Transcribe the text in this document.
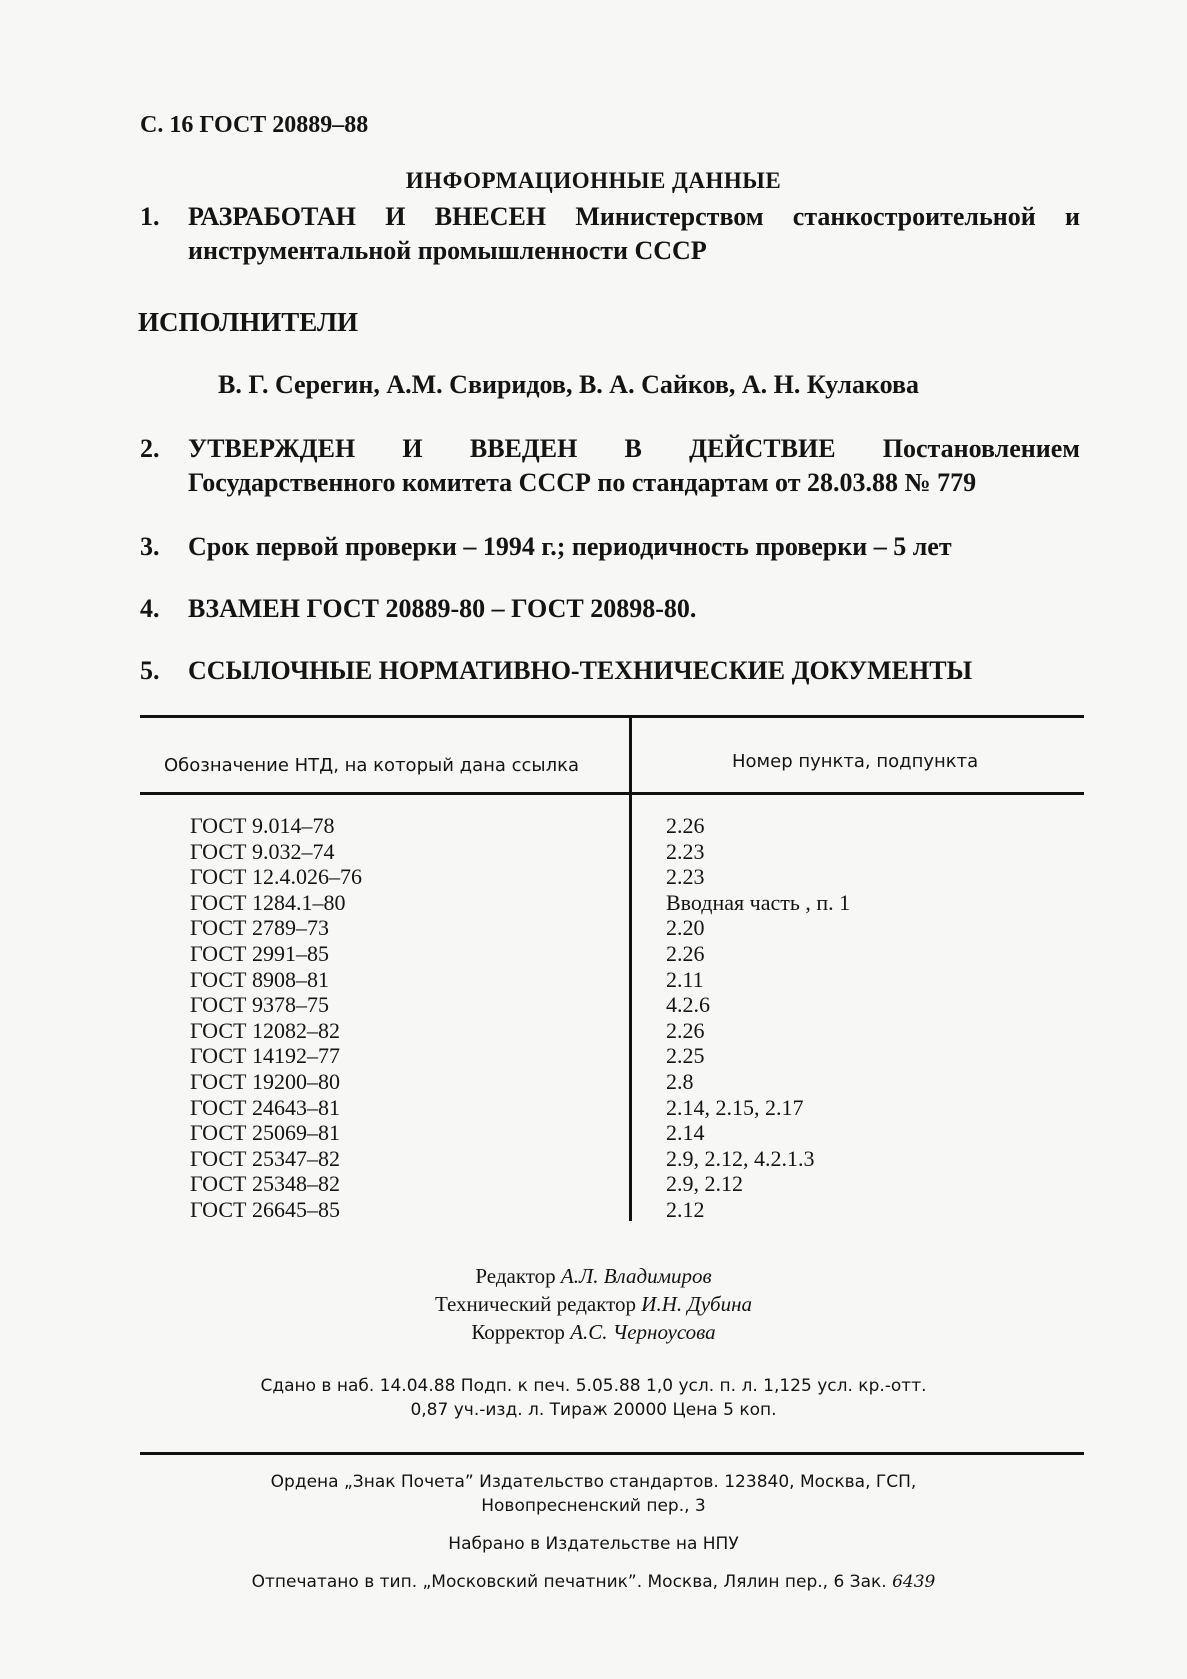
С. 16 ГОСТ 20889–88
ИНФОРМАЦИОННЫЕ ДАННЫЕ
1. РАЗРАБОТАН И ВНЕСЕН Министерством станкостроительной и инструментальной промышленности СССР
ИСПОЛНИТЕЛИ
В. Г. Серегин, А.М. Свиридов, В. А. Сайков, А. Н. Кулакова
2. УТВЕРЖДЕН И ВВЕДЕН В ДЕЙСТВИЕ Постановлением Государственного комитета СССР по стандартам от 28.03.88 № 779
3. Срок первой проверки – 1994 г.; периодичность проверки – 5 лет
4. ВЗАМЕН ГОСТ 20889-80 – ГОСТ 20898-80.
5. ССЫЛОЧНЫЕ НОРМАТИВНО-ТЕХНИЧЕСКИЕ ДОКУМЕНТЫ
Обозначение НТД, на который дана ссылка	Номер пункта, подпункта
ГОСТ 9.014–78	2.26
ГОСТ 9.032–74	2.23
ГОСТ 12.4.026–76	2.23
ГОСТ 1284.1–80	Вводная часть , п. 1
ГОСТ 2789–73	2.20
ГОСТ 2991–85	2.26
ГОСТ 8908–81	2.11
ГОСТ 9378–75	4.2.6
ГОСТ 12082–82	2.26
ГОСТ 14192–77	2.25
ГОСТ 19200–80	2.8
ГОСТ 24643–81	2.14, 2.15, 2.17
ГОСТ 25069–81	2.14
ГОСТ 25347–82	2.9, 2.12, 4.2.1.3
ГОСТ 25348–82	2.9, 2.12
ГОСТ 26645–85	2.12
Редактор А.Л. Владимиров
Технический редактор И.Н. Дубина
Корректор А.С. Черноусова
Сдано в наб. 14.04.88 Подп. к печ. 5.05.88 1,0 усл. п. л. 1,125 усл. кр.-отт.
0,87 уч.-изд. л. Тираж 20000 Цена 5 коп.
Ордена „Знак Почета” Издательство стандартов. 123840, Москва, ГСП,
Новопресненский пер., 3
Набрано в Издательстве на НПУ
Отпечатано в тип. „Московский печатник”. Москва, Лялин пер., 6 Зак. 6439
